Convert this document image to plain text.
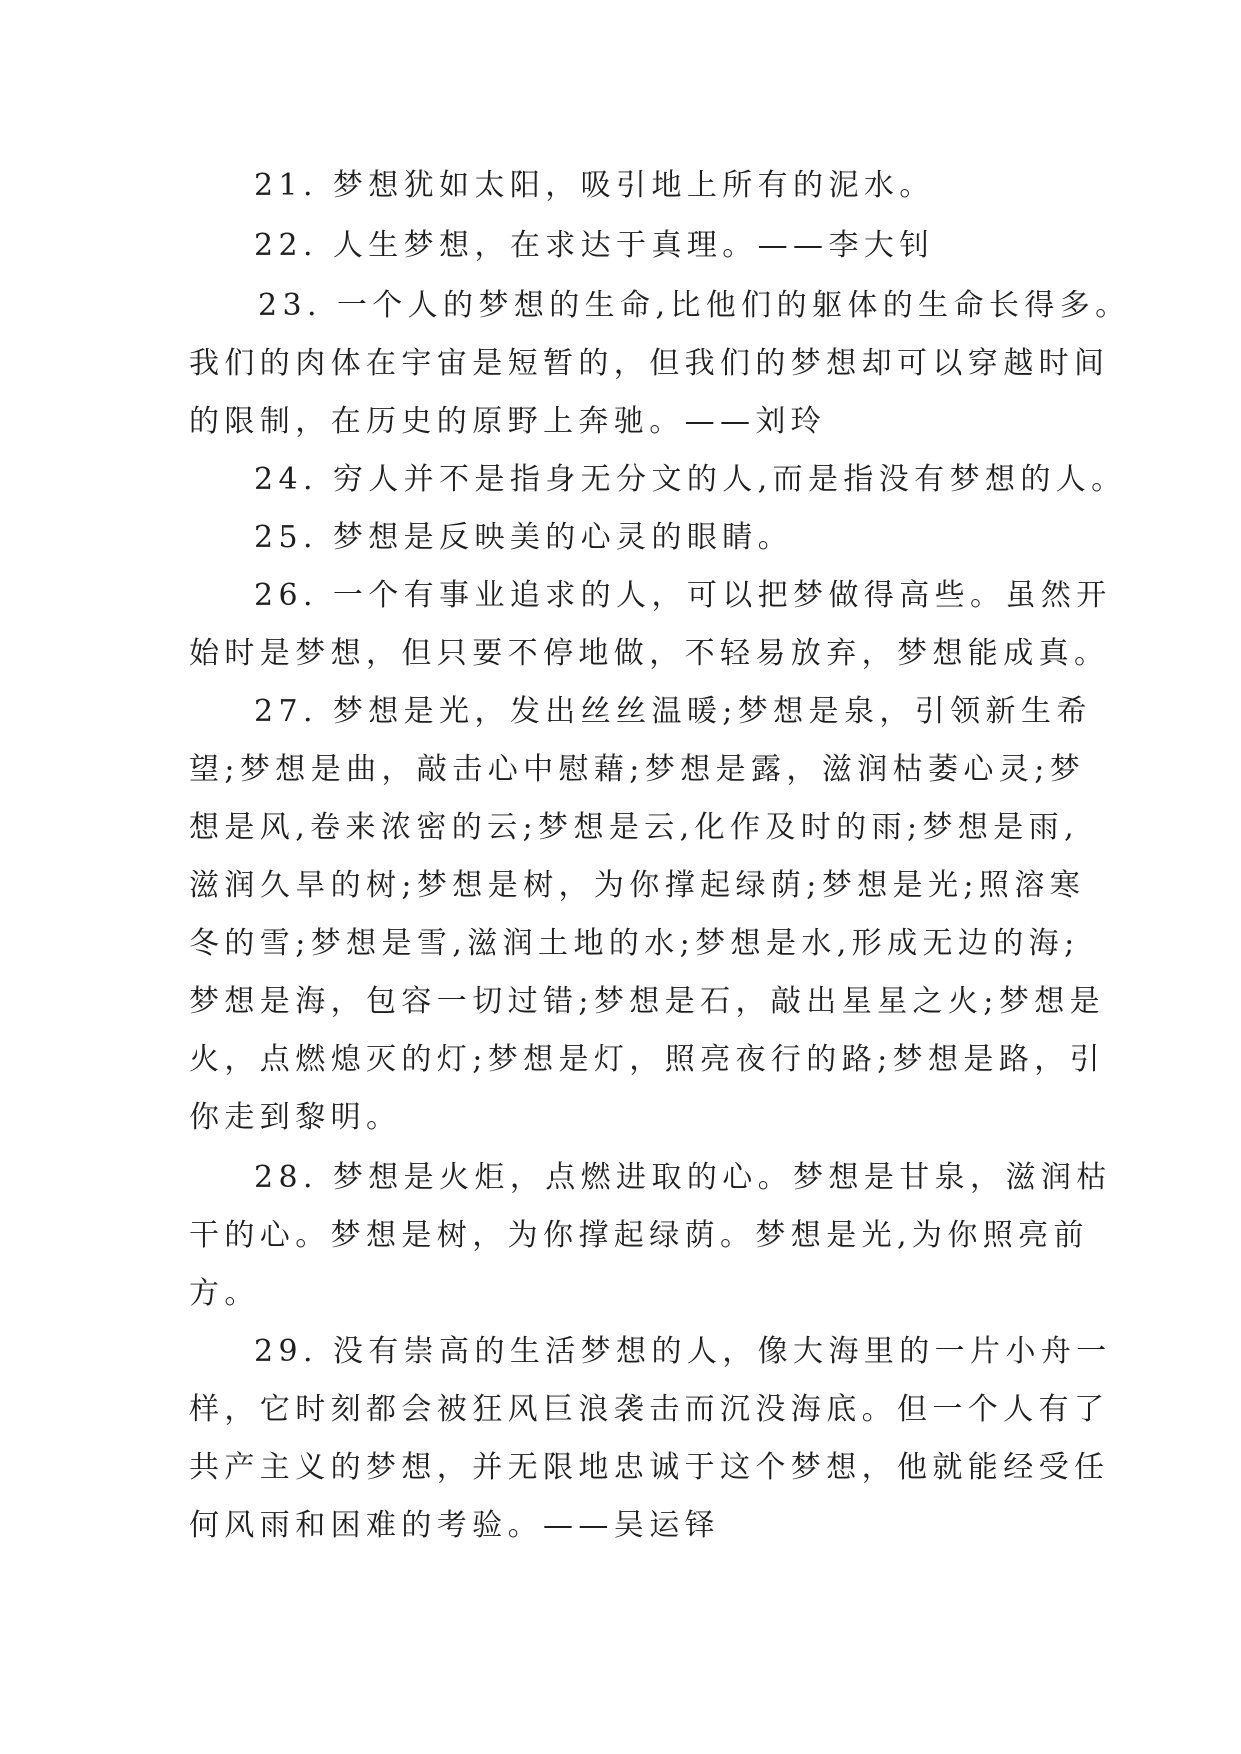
21. 梦想犹如太阳，吸引地上所有的泥水。

22. 人生梦想，在求达于真理。——李大钊

23. 一个人的梦想的生命,比他们的躯体的生命长得多。

我们的肉体在宇宙是短暂的，但我们的梦想却可以穿越时间

的限制，在历史的原野上奔驰。——刘玲

24. 穷人并不是指身无分文的人,而是指没有梦想的人。

25. 梦想是反映美的心灵的眼睛。

26. 一个有事业追求的人，可以把梦做得高些。虽然开

始时是梦想，但只要不停地做，不轻易放弃，梦想能成真。

27. 梦想是光，发出丝丝温暖;梦想是泉，引领新生希

望;梦想是曲，敲击心中慰藉;梦想是露，滋润枯萎心灵;梦

想是风,卷来浓密的云;梦想是云,化作及时的雨;梦想是雨,

滋润久旱的树;梦想是树，为你撑起绿荫;梦想是光;照溶寒

冬的雪;梦想是雪,滋润土地的水;梦想是水,形成无边的海;

梦想是海，包容一切过错;梦想是石，敲出星星之火;梦想是

火，点燃熄灭的灯;梦想是灯，照亮夜行的路;梦想是路，引

你走到黎明。

28. 梦想是火炬，点燃进取的心。梦想是甘泉，滋润枯

干的心。梦想是树，为你撑起绿荫。梦想是光,为你照亮前

方。

29. 没有崇高的生活梦想的人，像大海里的一片小舟一

样，它时刻都会被狂风巨浪袭击而沉没海底。但一个人有了

共产主义的梦想，并无限地忠诚于这个梦想，他就能经受任

何风雨和困难的考验。——吴运铎
